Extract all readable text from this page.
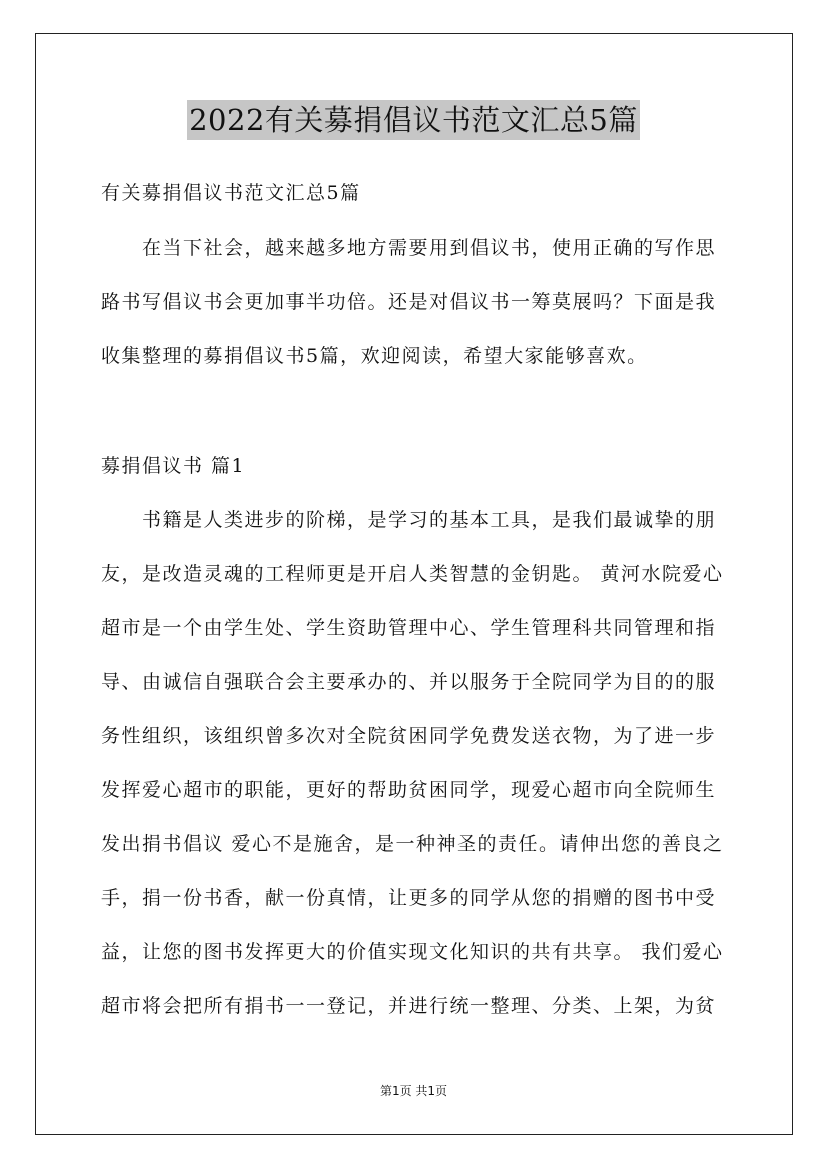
2022有关募捐倡议书范文汇总5篇
有关募捐倡议书范文汇总5篇
　　在当下社会，越来越多地方需要用到倡议书，使用正确的写作思
路书写倡议书会更加事半功倍。还是对倡议书一筹莫展吗？下面是我
收集整理的募捐倡议书5篇，欢迎阅读，希望大家能够喜欢。
募捐倡议书 篇1
　　书籍是人类进步的阶梯，是学习的基本工具，是我们最诚挚的朋
友，是改造灵魂的工程师更是开启人类智慧的金钥匙。 黄河水院爱心
超市是一个由学生处、学生资助管理中心、学生管理科共同管理和指
导、由诚信自强联合会主要承办的、并以服务于全院同学为目的的服
务性组织，该组织曾多次对全院贫困同学免费发送衣物，为了进一步
发挥爱心超市的职能，更好的帮助贫困同学，现爱心超市向全院师生
发出捐书倡议 爱心不是施舍，是一种神圣的责任。请伸出您的善良之
手，捐一份书香，献一份真情，让更多的同学从您的捐赠的图书中受
益，让您的图书发挥更大的价值实现文化知识的共有共享。 我们爱心
超市将会把所有捐书一一登记，并进行统一整理、分类、上架，为贫
第1页 共1页
